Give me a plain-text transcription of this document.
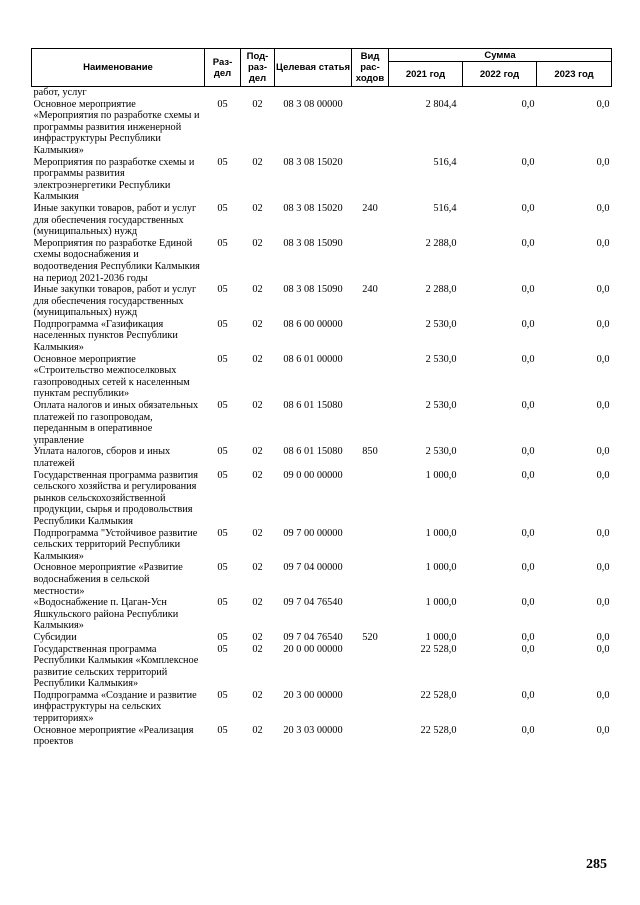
Наименование	Раз-дел	Под-раз-дел	Целевая статья	Вид рас-ходов	Сумма		
					2021 год	2022 год	2023 год
работ, услуг							
Основное мероприятие «Мероприятия по разработке схемы и программы развития инженерной инфраструктуры Республики Калмыкия»	05	02	08 3 08 00000		2 804,4	0,0	0,0
Мероприятия по разработке схемы и программы развития электроэнергетики Республики Калмыкия	05	02	08 3 08 15020		516,4	0,0	0,0
Иные закупки товаров, работ и услуг для обеспечения государственных (муниципальных) нужд	05	02	08 3 08 15020	240	516,4	0,0	0,0
Мероприятия по разработке Единой схемы водоснабжения и водоотведения Республики Калмыкия на период 2021-2036 годы	05	02	08 3 08 15090		2 288,0	0,0	0,0
Иные закупки товаров, работ и услуг для обеспечения государственных (муниципальных) нужд	05	02	08 3 08 15090	240	2 288,0	0,0	0,0
Подпрограмма «Газификация населенных пунктов Республики Калмыкия»	05	02	08 6 00 00000		2 530,0	0,0	0,0
Основное мероприятие «Строительство межпоселковых газопроводных сетей к населенным пунктам республики»	05	02	08 6 01 00000		2 530,0	0,0	0,0
Оплата налогов и иных обязательных платежей по газопроводам, переданным в оперативное управление	05	02	08 6 01 15080		2 530,0	0,0	0,0
Уплата налогов, сборов и иных платежей	05	02	08 6 01 15080	850	2 530,0	0,0	0,0
Государственная программа развития сельского хозяйства и регулирования рынков сельскохозяйственной продукции, сырья и продовольствия Республики Калмыкия	05	02	09 0 00 00000		1 000,0	0,0	0,0
Подпрограмма "Устойчивое развитие сельских территорий Республики Калмыкия»	05	02	09 7 00 00000		1 000,0	0,0	0,0
Основное мероприятие «Развитие водоснабжения в сельской местности»	05	02	09 7 04 00000		1 000,0	0,0	0,0
«Водоснабжение п. Цаган-Усн Яшкульского района Республики Калмыкия»	05	02	09 7 04 76540		1 000,0	0,0	0,0
Субсидии	05	02	09 7 04 76540	520	1 000,0	0,0	0,0
Государственная программа Республики Калмыкия «Комплексное развитие сельских территорий Республики Калмыкия»	05	02	20 0 00 00000		22 528,0	0,0	0,0
Подпрограмма «Создание и развитие инфраструктуры на сельских территориях»	05	02	20 3 00 00000		22 528,0	0,0	0,0
Основное мероприятие «Реализация проектов	05	02	20 3 03 00000		22 528,0	0,0	0,0
285
